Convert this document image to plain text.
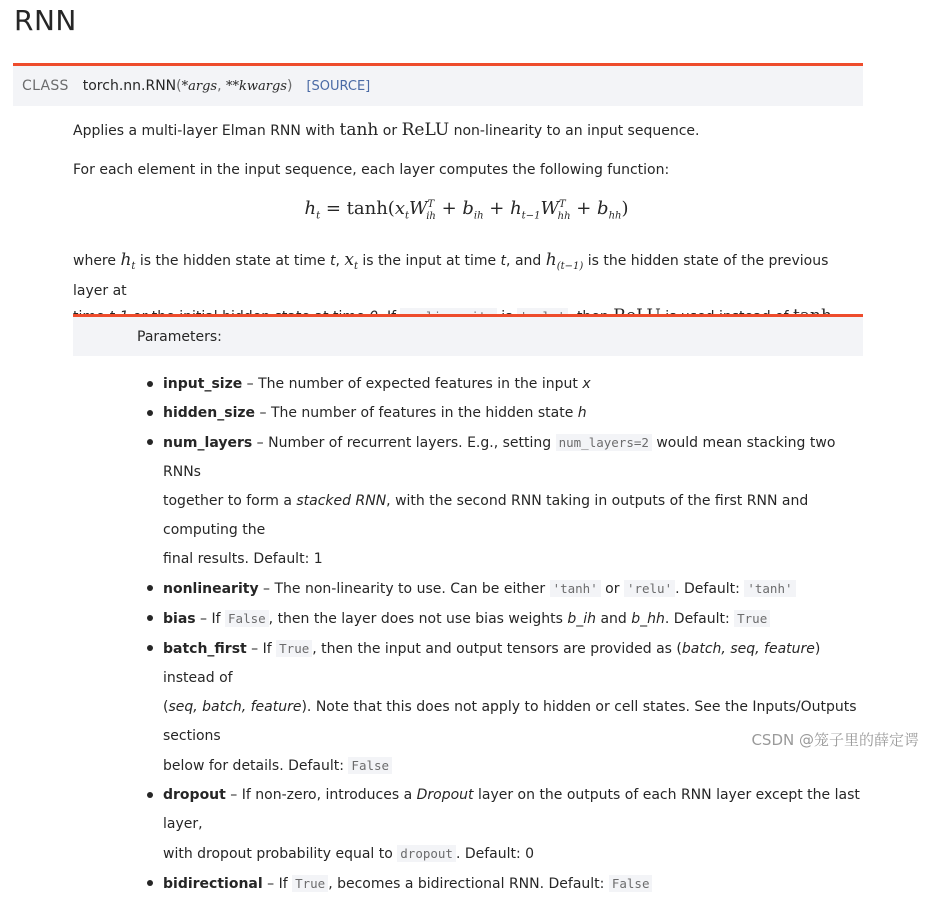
RNN
CLASS torch.nn.RNN(*args, **kwargs) [SOURCE]
Applies a multi-layer Elman RNN with tanh or ReLU non-linearity to an input sequence.
For each element in the input sequence, each layer computes the following function:
$h_t = \tanh(x_tW^T_{ih} + b_{ih} + h_{t-1}W^T_{hh} + b_{hh})$
where $h_t$ is the hidden state at time t, $x_t$ is the input at time t, and $h_{(t-1)}$ is the hidden state of the previous layer at

Parameters:
input_size – The number of expected features in the input x
hidden_size – The number of features in the hidden state h
num_layers – Number of recurrent layers. E.g., setting num_layers=2 would mean stacking two RNNs
together to form a stacked RNN, with the second RNN taking in outputs of the first RNN and computing the
final results. Default: 1
nonlinearity – The non-linearity to use. Can be either 'tanh' or 'relu' . Default: 'tanh'
bias – If False , then the layer does not use bias weights b_ih and b_hh. Default: True
batch_first – If True , then the input and output tensors are provided as (batch, seq, feature) instead of
(seq, batch, feature). Note that this does not apply to hidden or cell states. See the Inputs/Outputs sections
below for details. Default: False
dropout – If non-zero, introduces a Dropout layer on the outputs of each RNN layer except the last layer,
with dropout probability equal to dropout . Default: 0
bidirectional – If True , becomes a bidirectional RNN. Default: False
CSDN @笼子里的薛定谔
